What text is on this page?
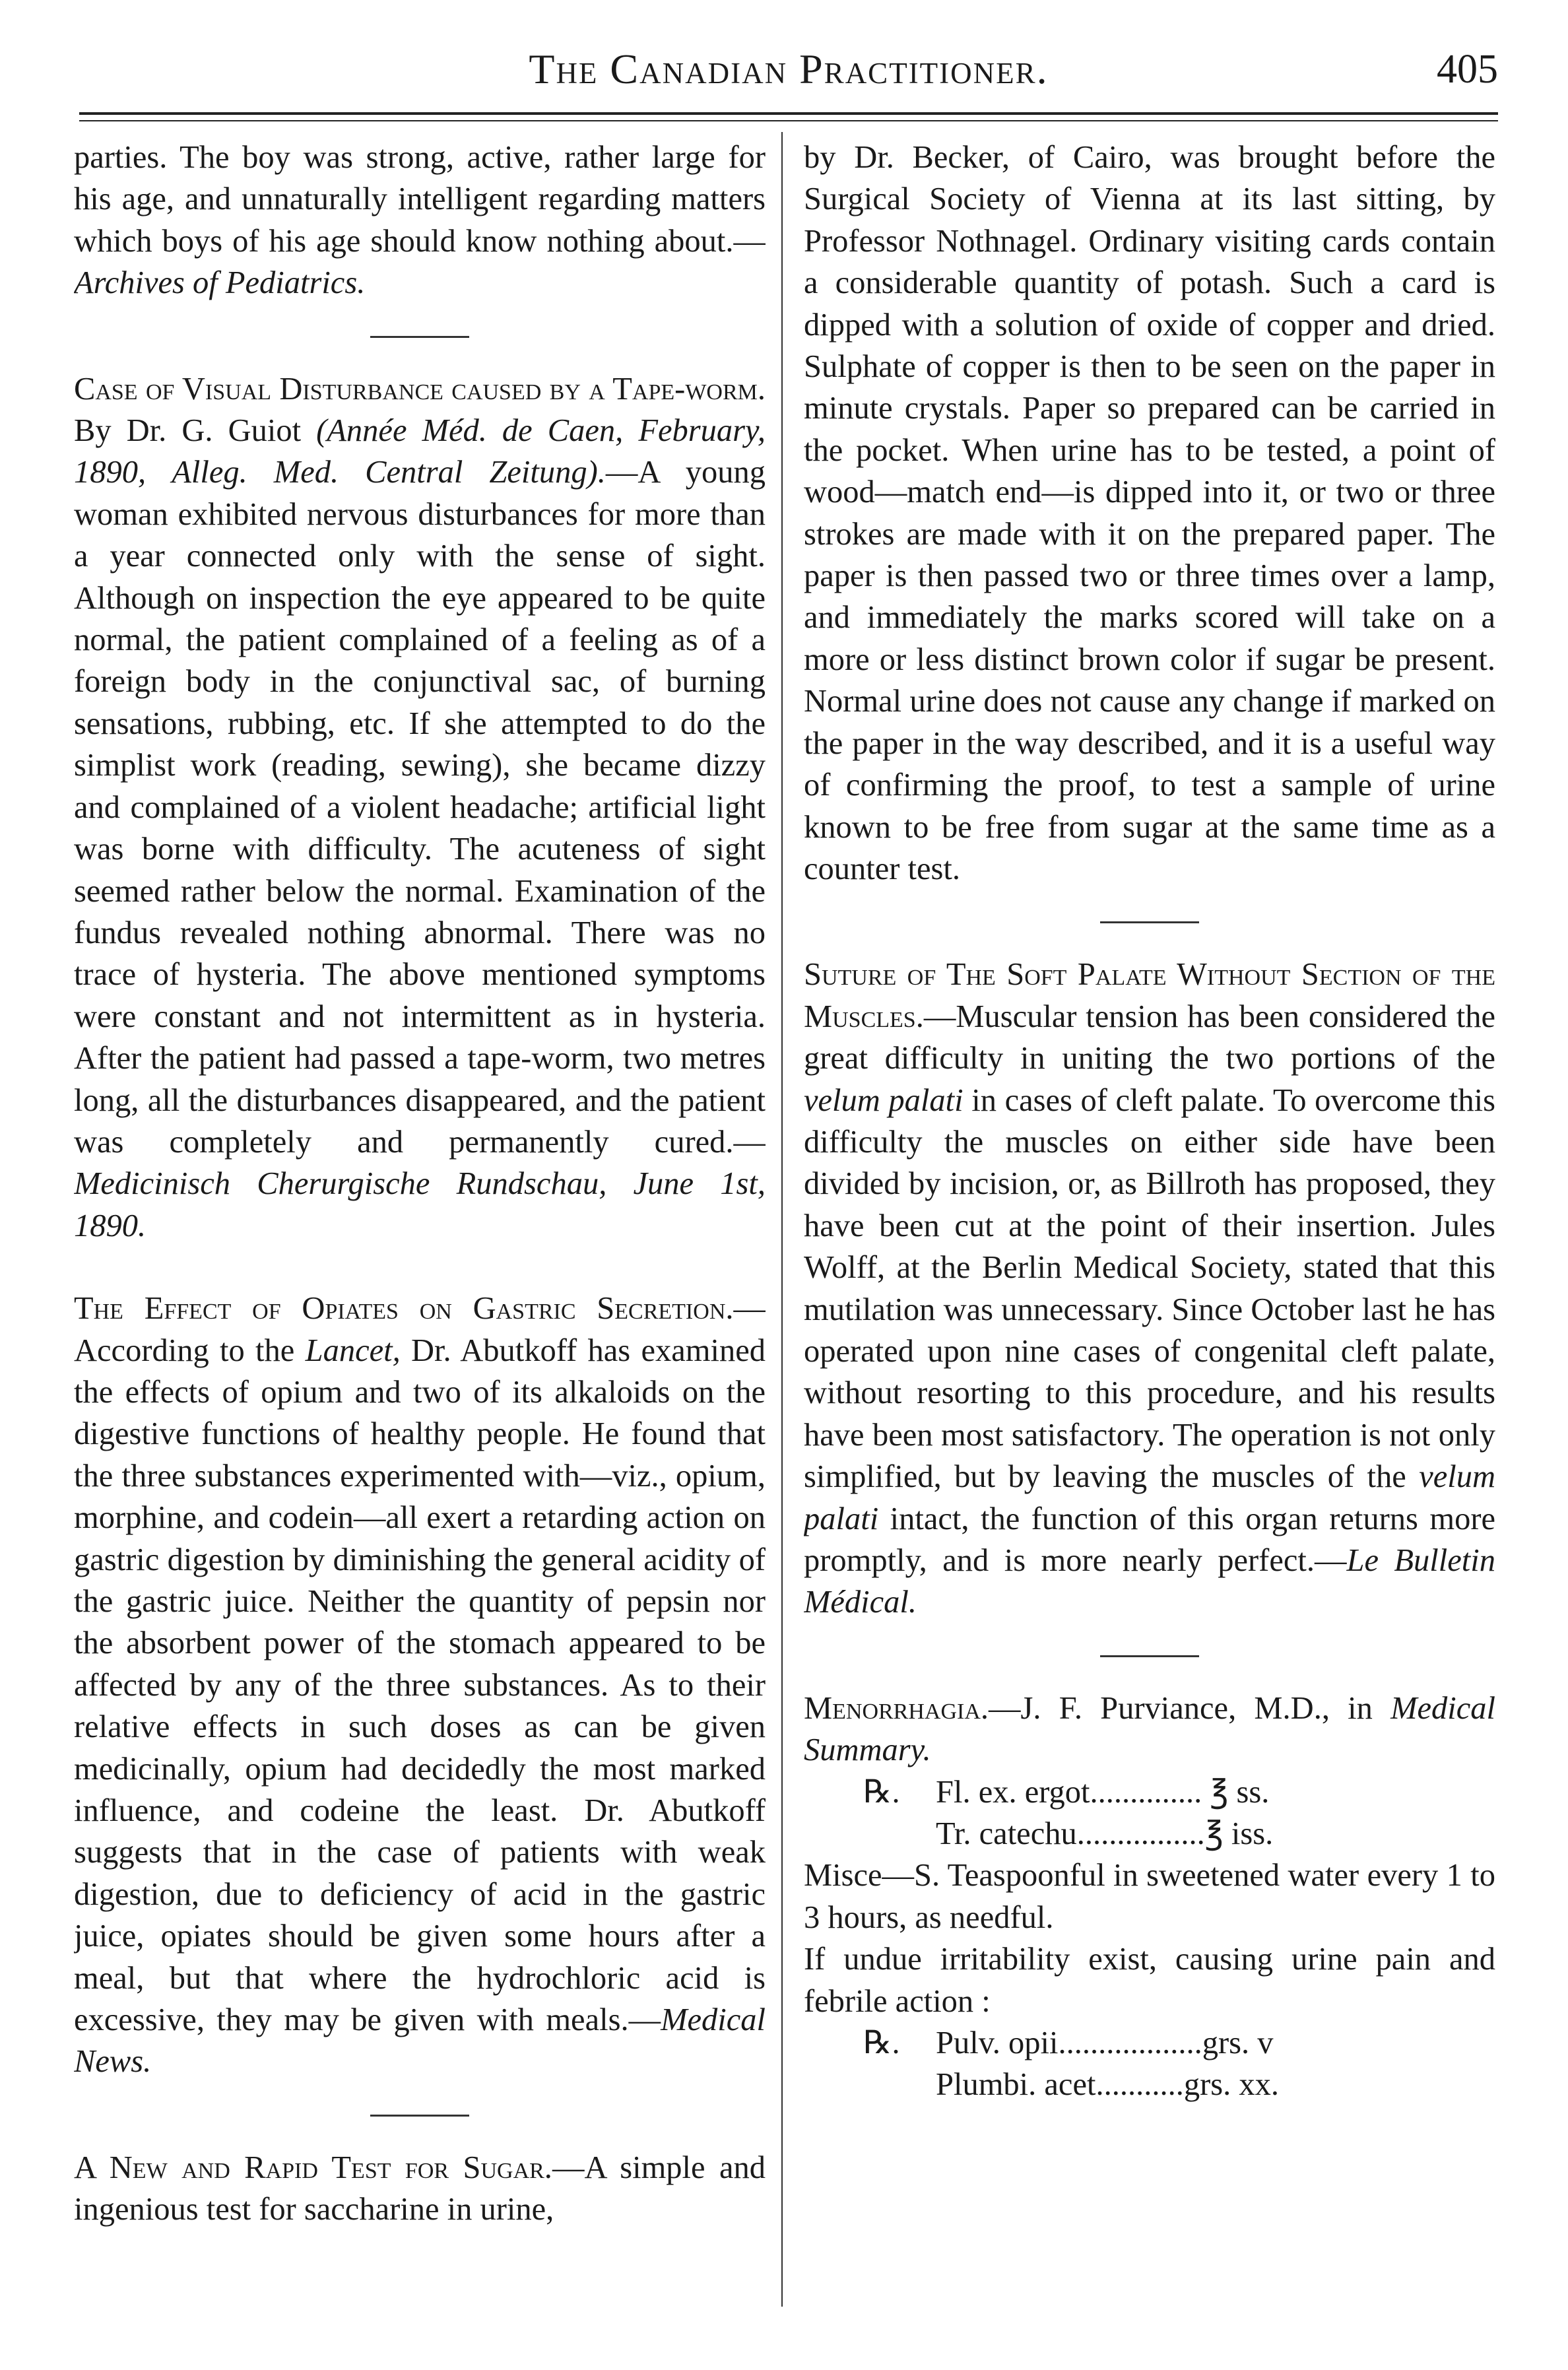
The Canadian Practitioner.	405

parties. The boy was strong, active, rather large for his age, and unnaturally intelligent regarding matters which boys of his age should know nothing about.—Archives of Pediatrics.

Case of Visual Disturbance caused by a Tape-worm. By Dr. G. Guiot (Année Méd. de Caen, February, 1890, Alleg. Med. Central Zeitung).—A young woman exhibited nervous disturbances for more than a year connected only with the sense of sight. Although on inspection the eye appeared to be quite normal, the patient complained of a feeling as of a foreign body in the conjunctival sac, of burning sensations, rubbing, etc. If she attempted to do the simplist work (reading, sewing), she became dizzy and complained of a violent headache; artificial light was borne with difficulty. The acuteness of sight seemed rather below the normal. Examination of the fundus revealed nothing abnormal. There was no trace of hysteria. The above mentioned symptoms were constant and not intermittent as in hysteria. After the patient had passed a tape-worm, two metres long, all the disturbances disappeared, and the patient was completely and permanently cured.—Medicinisch Cherurgische Rundschau, June 1st, 1890.

The Effect of Opiates on Gastric Secretion.—According to the Lancet, Dr. Abutkoff has examined the effects of opium and two of its alkaloids on the digestive functions of healthy people. He found that the three substances experimented with—viz., opium, morphine, and codein—all exert a retarding action on gastric digestion by diminishing the general acidity of the gastric juice. Neither the quantity of pepsin nor the absorbent power of the stomach appeared to be affected by any of the three substances. As to their relative effects in such doses as can be given medicinally, opium had decidedly the most marked influence, and codeine the least. Dr. Abutkoff suggests that in the case of patients with weak digestion, due to deficiency of acid in the gastric juice, opiates should be given some hours after a meal, but that where the hydrochloric acid is excessive, they may be given with meals.—Medical News.

A New and Rapid Test for Sugar.—A simple and ingenious test for saccharine in urine,

by Dr. Becker, of Cairo, was brought before the Surgical Society of Vienna at its last sitting, by Professor Nothnagel. Ordinary visiting cards contain a considerable quantity of potash. Such a card is dipped with a solution of oxide of copper and dried. Sulphate of copper is then to be seen on the paper in minute crystals. Paper so prepared can be carried in the pocket. When urine has to be tested, a point of wood—match end—is dipped into it, or two or three strokes are made with it on the prepared paper. The paper is then passed two or three times over a lamp, and immediately the marks scored will take on a more or less distinct brown color if sugar be present. Normal urine does not cause any change if marked on the paper in the way described, and it is a useful way of confirming the proof, to test a sample of urine known to be free from sugar at the same time as a counter test.

Suture of The Soft Palate Without Section of the Muscles.—Muscular tension has been considered the great difficulty in uniting the two portions of the velum palati in cases of cleft palate. To overcome this difficulty the muscles on either side have been divided by incision, or, as Billroth has proposed, they have been cut at the point of their insertion. Jules Wolff, at the Berlin Medical Society, stated that this mutilation was unnecessary. Since October last he has operated upon nine cases of congenital cleft palate, without resorting to this procedure, and his results have been most satisfactory. The operation is not only simplified, but by leaving the muscles of the velum palati intact, the function of this organ returns more promptly, and is more nearly perfect.—Le Bulletin Médical.

Menorrhagia.—J. F. Purviance, M.D., in Medical Summary.

℞. Fl. ex. ergot.............. ℥ ss.
Tr. catechu................℥ iss.

Misce—S. Teaspoonful in sweetened water every 1 to 3 hours, as needful.

If undue irritability exist, causing urine pain and febrile action :

℞. Pulv. opii..................grs. v
Plumbi. acet...........grs. xx.
